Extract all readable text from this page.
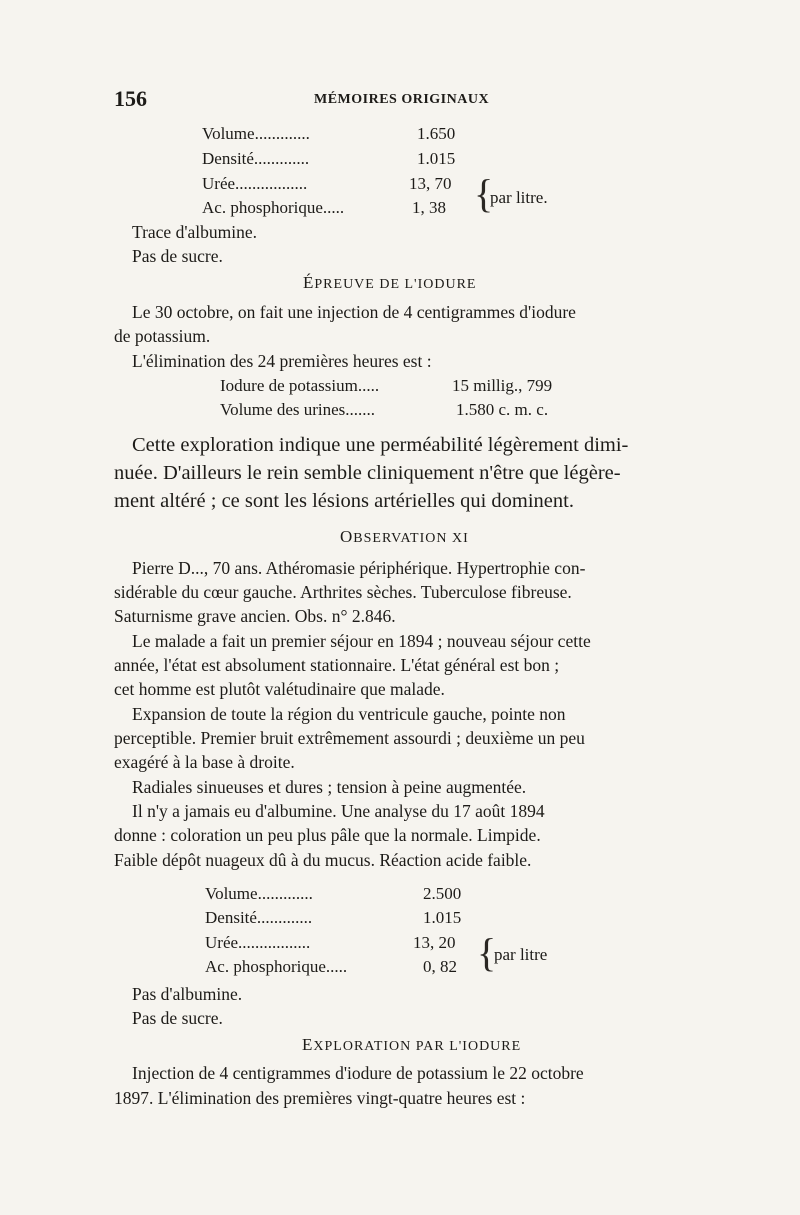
156	MÉMOIRES ORIGINAUX
Volume.............	1.650
Densité.............	1.015
Urée.................	13, 70
Ac. phosphorique.....	1, 38 {
par litre.
Trace d'albumine.
Pas de sucre.
ÉPREUVE DE L'IODURE
Le 30 octobre, on fait une injection de 4 centigrammes d'iodure
de potassium.
L'élimination des 24 premières heures est :
Iodure de potassium.....	15 millig., 799
Volume des urines.......	1.580 c. m. c.
Cette exploration indique une perméabilité légèrement dimi-
nuée. D'ailleurs le rein semble cliniquement n'être que légère-
ment altéré ; ce sont les lésions artérielles qui dominent.
OBSERVATION XI
Pierre D..., 70 ans. Athéromasie périphérique. Hypertrophie con-
sidérable du cœur gauche. Arthrites sèches. Tuberculose fibreuse.
Saturnisme grave ancien. Obs. n° 2.846.
Le malade a fait un premier séjour en 1894 ; nouveau séjour cette
année, l'état est absolument stationnaire. L'état général est bon ;
cet homme est plutôt valétudinaire que malade.
Expansion de toute la région du ventricule gauche, pointe non
perceptible. Premier bruit extrêmement assourdi ; deuxième un peu
exagéré à la base à droite.
Radiales sinueuses et dures ; tension à peine augmentée.
Il n'y a jamais eu d'albumine. Une analyse du 17 août 1894
donne : coloration un peu plus pâle que la normale. Limpide.
Faible dépôt nuageux dû à du mucus. Réaction acide faible.
Volume.............	2.500
Densité.............	1.015
Urée.................	13, 20
Ac. phosphorique.....	0, 82 {
par litre
Pas d'albumine.
Pas de sucre.
EXPLORATION PAR L'IODURE
Injection de 4 centigrammes d'iodure de potassium le 22 octobre
1897. L'élimination des premières vingt-quatre heures est :
